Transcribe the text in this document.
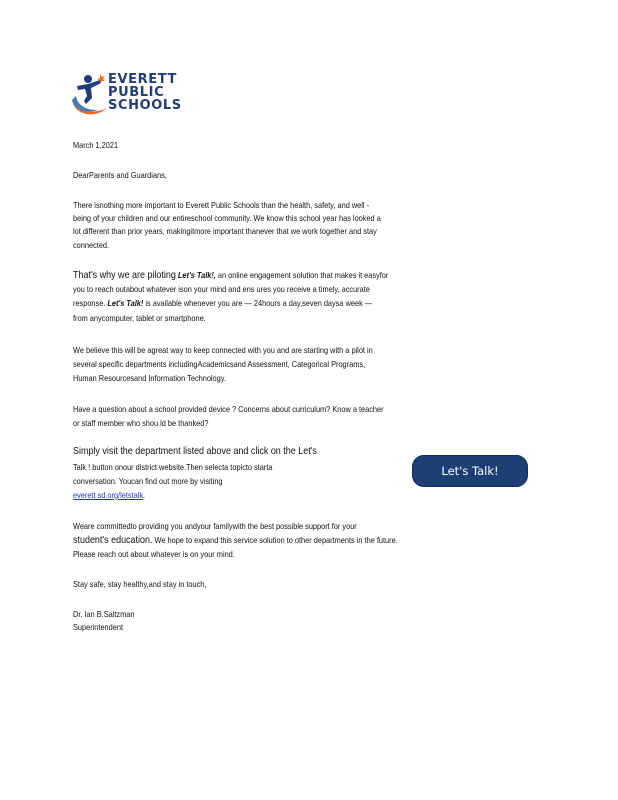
EVERETT
PUBLIC
SCHOOLS
March 1,2021
DearParents and Guardians,
There isnothing more important to Everett Public Schools than the health, safety, and well -
being of your children and our entireschool community. We know this school year has looked a
lot different than prior years, makingitmore important thanever that we work together and stay
connected.
That's why we are piloting Let's Talk!, an online engagement solution that makes it easyfor
you to reach outabout whatever ison your mind and ens ures you receive a timely, accurate
response. Let's Talk! is available whenever you are — 24hours a day,seven daysa week —
from anycomputer, tablet or smartphone.
We believe this will be agreat way to keep connected with you and are starting with a pilot in
several specific departments includingAcademicsand Assessment, Categorical Programs,
Human Resourcesand Information Technology.
Have a question about a school provided device ? Concerns about curriculum? Know a teacher
or staff member who shou ld be thanked?
Simply visit the department listed above and click on the Let's
Talk ! button onour district website.Then selecta topicto starta
conversation. Youcan find out more by visiting
everett sd.org/letstalk.
Let's Talk!
Weare committedto providing you andyour familywith the best possible support for your
student's education. We hope to expand this service solution to other departments in the future.
Please reach out about whatever is on your mind.
Stay safe, stay healthy,and stay in touch,
Dr. Ian B.Saltzman
Superintendent
